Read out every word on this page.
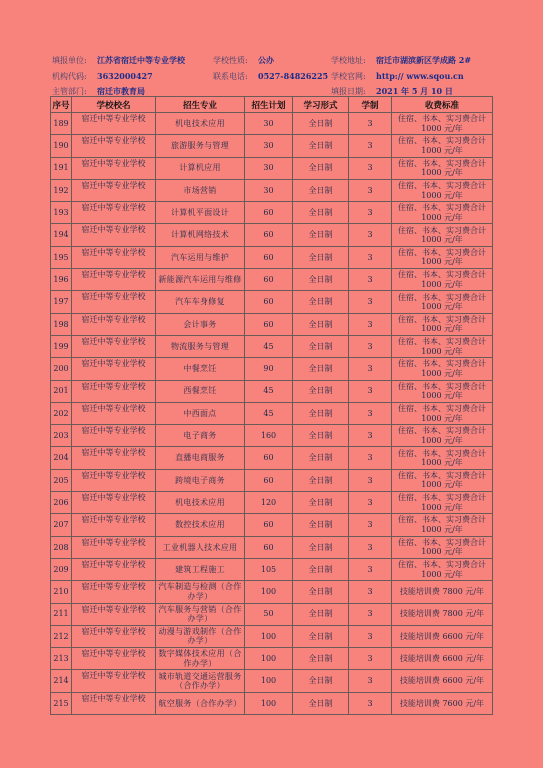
填报单位: 江苏省宿迁中等专业学校	学校性质: 公办	学校地址: 宿迁市湖滨新区学成路 2#
机构代码: 3632000427	联系电话: 0527-84826225 学校官网: http:// www.sqou.cn
主管部门: 宿迁市教育局	填报日期: 2021 年 5 月 10 日
序号	学校校名	招生专业	招生计划	学习形式	学制	收费标准
189	宿迁中等专业学校	机电技术应用	30	全日制	3	住宿、书本、实习费合计 1000 元/年
190	宿迁中等专业学校	旅游服务与管理	30	全日制	3	住宿、书本、实习费合计 1000 元/年
191	宿迁中等专业学校	计算机应用	30	全日制	3	住宿、书本、实习费合计 1000 元/年
192	宿迁中等专业学校	市场营销	30	全日制	3	住宿、书本、实习费合计 1000 元/年
193	宿迁中等专业学校	计算机平面设计	60	全日制	3	住宿、书本、实习费合计 1000 元/年
194	宿迁中等专业学校	计算机网络技术	60	全日制	3	住宿、书本、实习费合计 1000 元/年
195	宿迁中等专业学校	汽车运用与维护	60	全日制	3	住宿、书本、实习费合计 1000 元/年
196	宿迁中等专业学校	新能源汽车运用与维修	60	全日制	3	住宿、书本、实习费合计 1000 元/年
197	宿迁中等专业学校	汽车车身修复	60	全日制	3	住宿、书本、实习费合计 1000 元/年
198	宿迁中等专业学校	会计事务	60	全日制	3	住宿、书本、实习费合计 1000 元/年
199	宿迁中等专业学校	物流服务与管理	45	全日制	3	住宿、书本、实习费合计 1000 元/年
200	宿迁中等专业学校	中餐烹饪	90	全日制	3	住宿、书本、实习费合计 1000 元/年
201	宿迁中等专业学校	西餐烹饪	45	全日制	3	住宿、书本、实习费合计 1000 元/年
202	宿迁中等专业学校	中西面点	45	全日制	3	住宿、书本、实习费合计 1000 元/年
203	宿迁中等专业学校	电子商务	160	全日制	3	住宿、书本、实习费合计 1000 元/年
204	宿迁中等专业学校	直播电商服务	60	全日制	3	住宿、书本、实习费合计 1000 元/年
205	宿迁中等专业学校	跨境电子商务	60	全日制	3	住宿、书本、实习费合计 1000 元/年
206	宿迁中等专业学校	机电技术应用	120	全日制	3	住宿、书本、实习费合计 1000 元/年
207	宿迁中等专业学校	数控技术应用	60	全日制	3	住宿、书本、实习费合计 1000 元/年
208	宿迁中等专业学校	工业机器人技术应用	60	全日制	3	住宿、书本、实习费合计 1000 元/年
209	宿迁中等专业学校	建筑工程施工	105	全日制	3	住宿、书本、实习费合计 1000 元/年
210	宿迁中等专业学校	汽车制造与检测（合作办学）	100	全日制	3	技能培训费 7800 元/年
211	宿迁中等专业学校	汽车服务与营销（合作办学）	50	全日制	3	技能培训费 7800 元/年
212	宿迁中等专业学校	动漫与游戏制作（合作办学）	100	全日制	3	技能培训费 6600 元/年
213	宿迁中等专业学校	数字媒体技术应用（合作办学）	100	全日制	3	技能培训费 6600 元/年
214	宿迁中等专业学校	城市轨道交通运营服务（合作办学）	100	全日制	3	技能培训费 6600 元/年
215	宿迁中等专业学校	航空服务（合作办学）	100	全日制	3	技能培训费 7600 元/年
